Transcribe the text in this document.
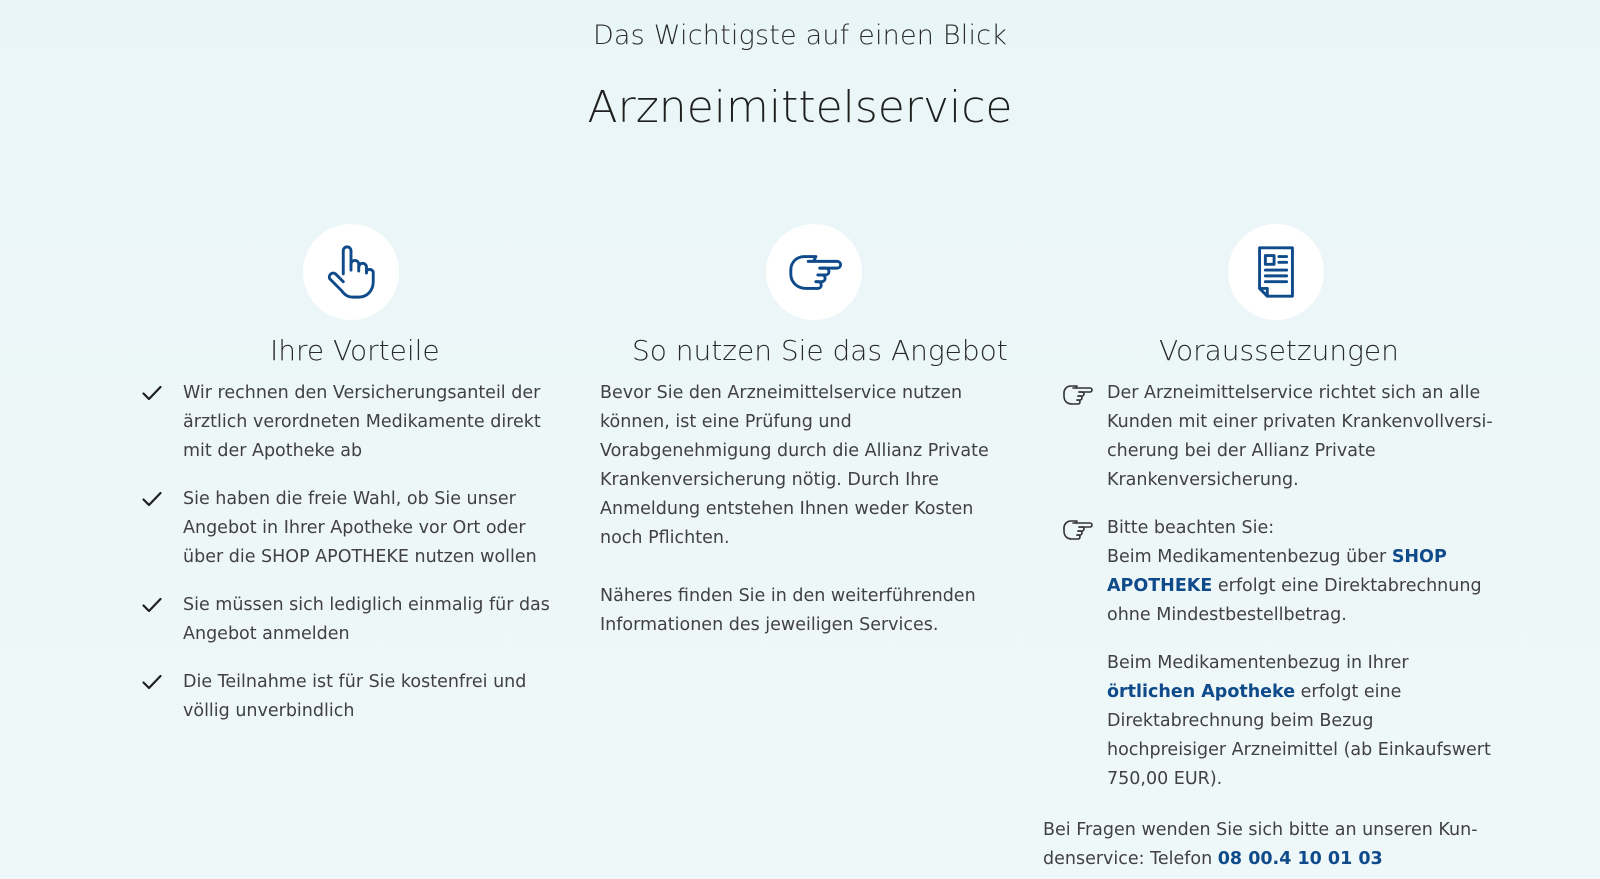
Das Wichtigste auf einen Blick
Arzneimittelservice
Ihre Vorteile
Wir rechnen den Versicherungsanteil der ärztlich verordneten Medikamente direkt mit der Apotheke ab
Sie haben die freie Wahl, ob Sie unser Angebot in Ihrer Apotheke vor Ort oder über die SHOP APOTHEKE nutzen wollen
Sie müssen sich lediglich einmalig für das Angebot anmelden
Die Teilnahme ist für Sie kostenfrei und völlig unverbindlich
So nutzen Sie das Angebot

Bevor Sie den Arzneimittelservice nutzen können, ist eine Prüfung und Vorabgenehmigung durch die Allianz Private Krankenversicherung nötig. Durch Ihre Anmeldung entstehen Ihnen weder Kosten noch Pflichten.

Näheres finden Sie in den weiterführenden Informationen des jeweiligen Services.

Voraussetzungen
Der Arzneimittelservice richtet sich an alle Kunden mit einer privaten Krankenvollversicherung bei der Allianz Private Krankenversicherung.
Bitte beachten Sie:

Beim Medikamentenbezug über SHOP APOTHEKE erfolgt eine Direktabrechnung ohne Mindestbestellbetrag.

Beim Medikamentenbezug in Ihrer örtlichen Apotheke erfolgt eine Direktabrechnung beim Bezug hochpreisiger Arzneimittel (ab Einkaufswert 750,00 EUR).

Bei Fragen wenden Sie sich bitte an unseren Kundenservice: Telefon 08 00.4 10 01 03
